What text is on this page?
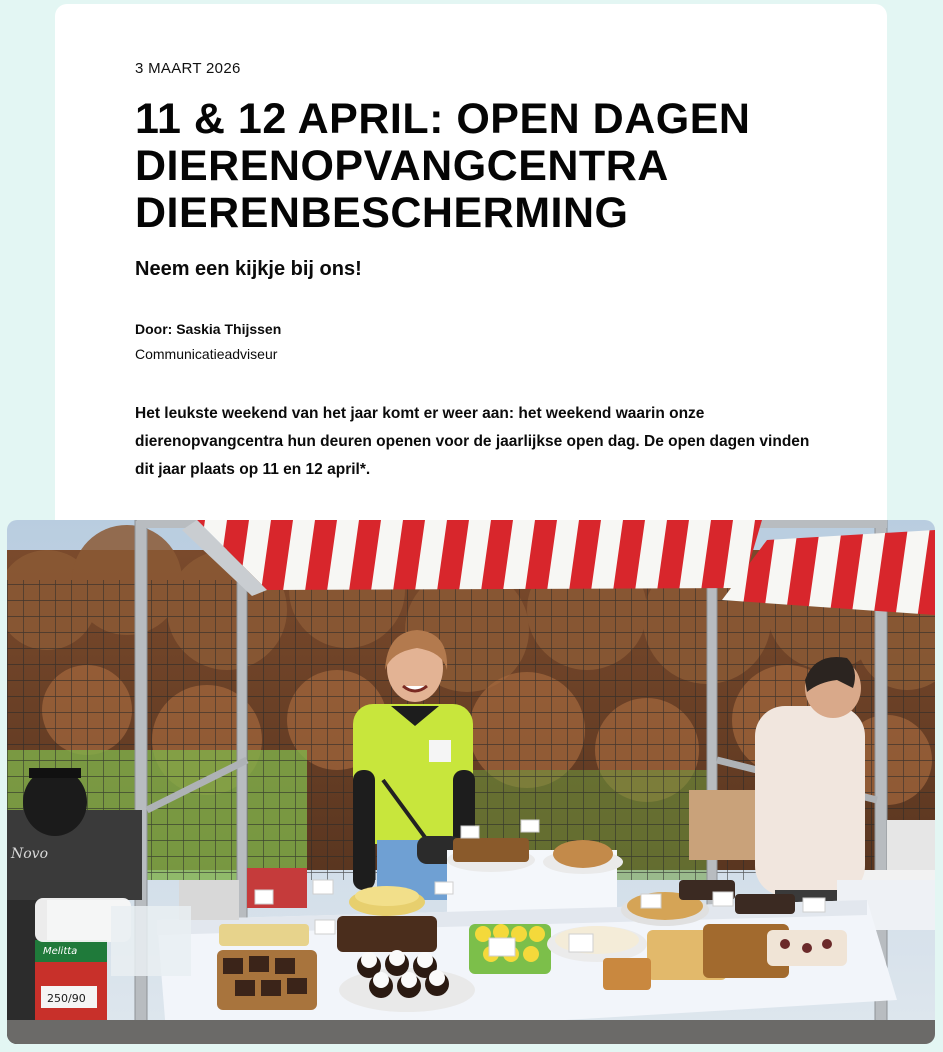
3 MAART 2026
11 & 12 APRIL: OPEN DAGEN DIERENOPVANGCENTRA DIERENBESCHERMING
Neem een kijkje bij ons!
Door: Saskia Thijssen
Communicatieadviseur

Het leukste weekend van het jaar komt er weer aan: het weekend waarin onze dierenopvangcentra hun deuren openen voor de jaarlijkse open dag. De open dagen vinden dit jaar plaats op 11 en 12 april*.

Novo
Melitta
250/90
